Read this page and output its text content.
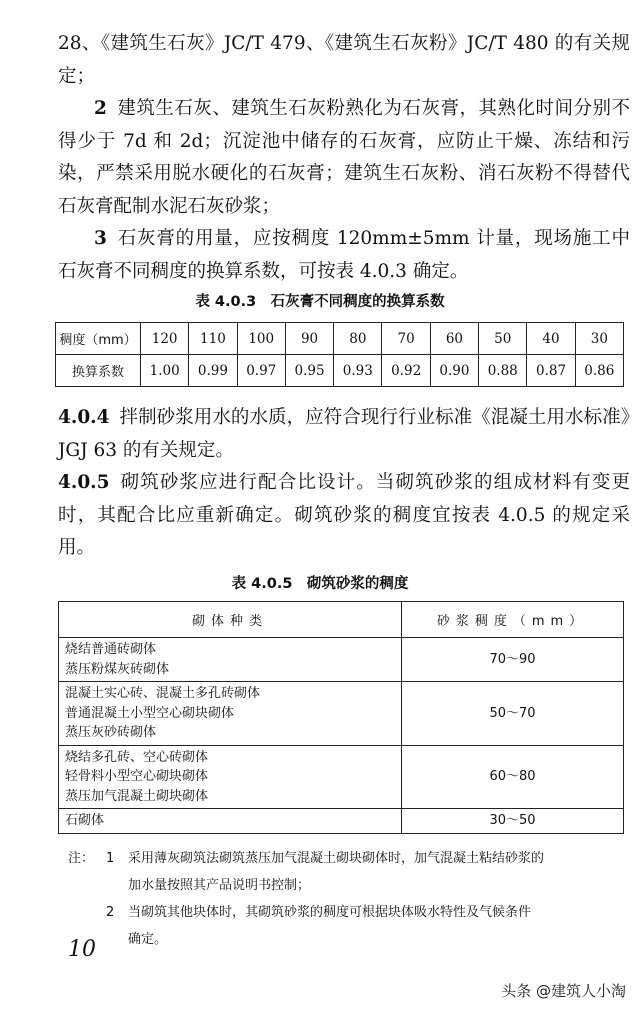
28、《建筑生石灰》JC/T 479、《建筑生石灰粉》JC/T 480 的有关规定；

2 建筑生石灰、建筑生石灰粉熟化为石灰膏，其熟化时间分别不得少于 7d 和 2d；沉淀池中储存的石灰膏，应防止干燥、冻结和污染，严禁采用脱水硬化的石灰膏；建筑生石灰粉、消石灰粉不得替代石灰膏配制水泥石灰砂浆；

3 石灰膏的用量，应按稠度 120mm±5mm 计量，现场施工中石灰膏不同稠度的换算系数，可按表 4.0.3 确定。

表 4.0.3　石灰膏不同稠度的换算系数
稠度（mm）	120	110	100	90	80	70	60	50	40	30
换算系数	1.00	0.99	0.97	0.95	0.93	0.92	0.90	0.88	0.87	0.86

4.0.4 拌制砂浆用水的水质，应符合现行行业标准《混凝土用水标准》JGJ 63 的有关规定。

4.0.5 砌筑砂浆应进行配合比设计。当砌筑砂浆的组成材料有变更时，其配合比应重新确定。砌筑砂浆的稠度宜按表 4.0.5 的规定采用。

表 4.0.5　砌筑砂浆的稠度
砌体种类	砂浆稠度（mm）

烧结普通砖砌体
蒸压粉煤灰砖砌体	70～90

混凝土实心砖、混凝土多孔砖砌体
普通混凝土小型空心砌块砌体
蒸压灰砂砖砌体	50～70

烧结多孔砖、空心砖砌体
轻骨料小型空心砌块砌体
蒸压加气混凝土砌块砌体	60～80

石砌体	30～50
注： 1	采用薄灰砌筑法砌筑蒸压加气混凝土砌块砌体时，加气混凝土粘结砂浆的
加水量按照其产品说明书控制；
2	当砌筑其他块体时，其砌筑砂浆的稠度可根据块体吸水特性及气候条件
确定。
10
头条 @建筑人小淘
